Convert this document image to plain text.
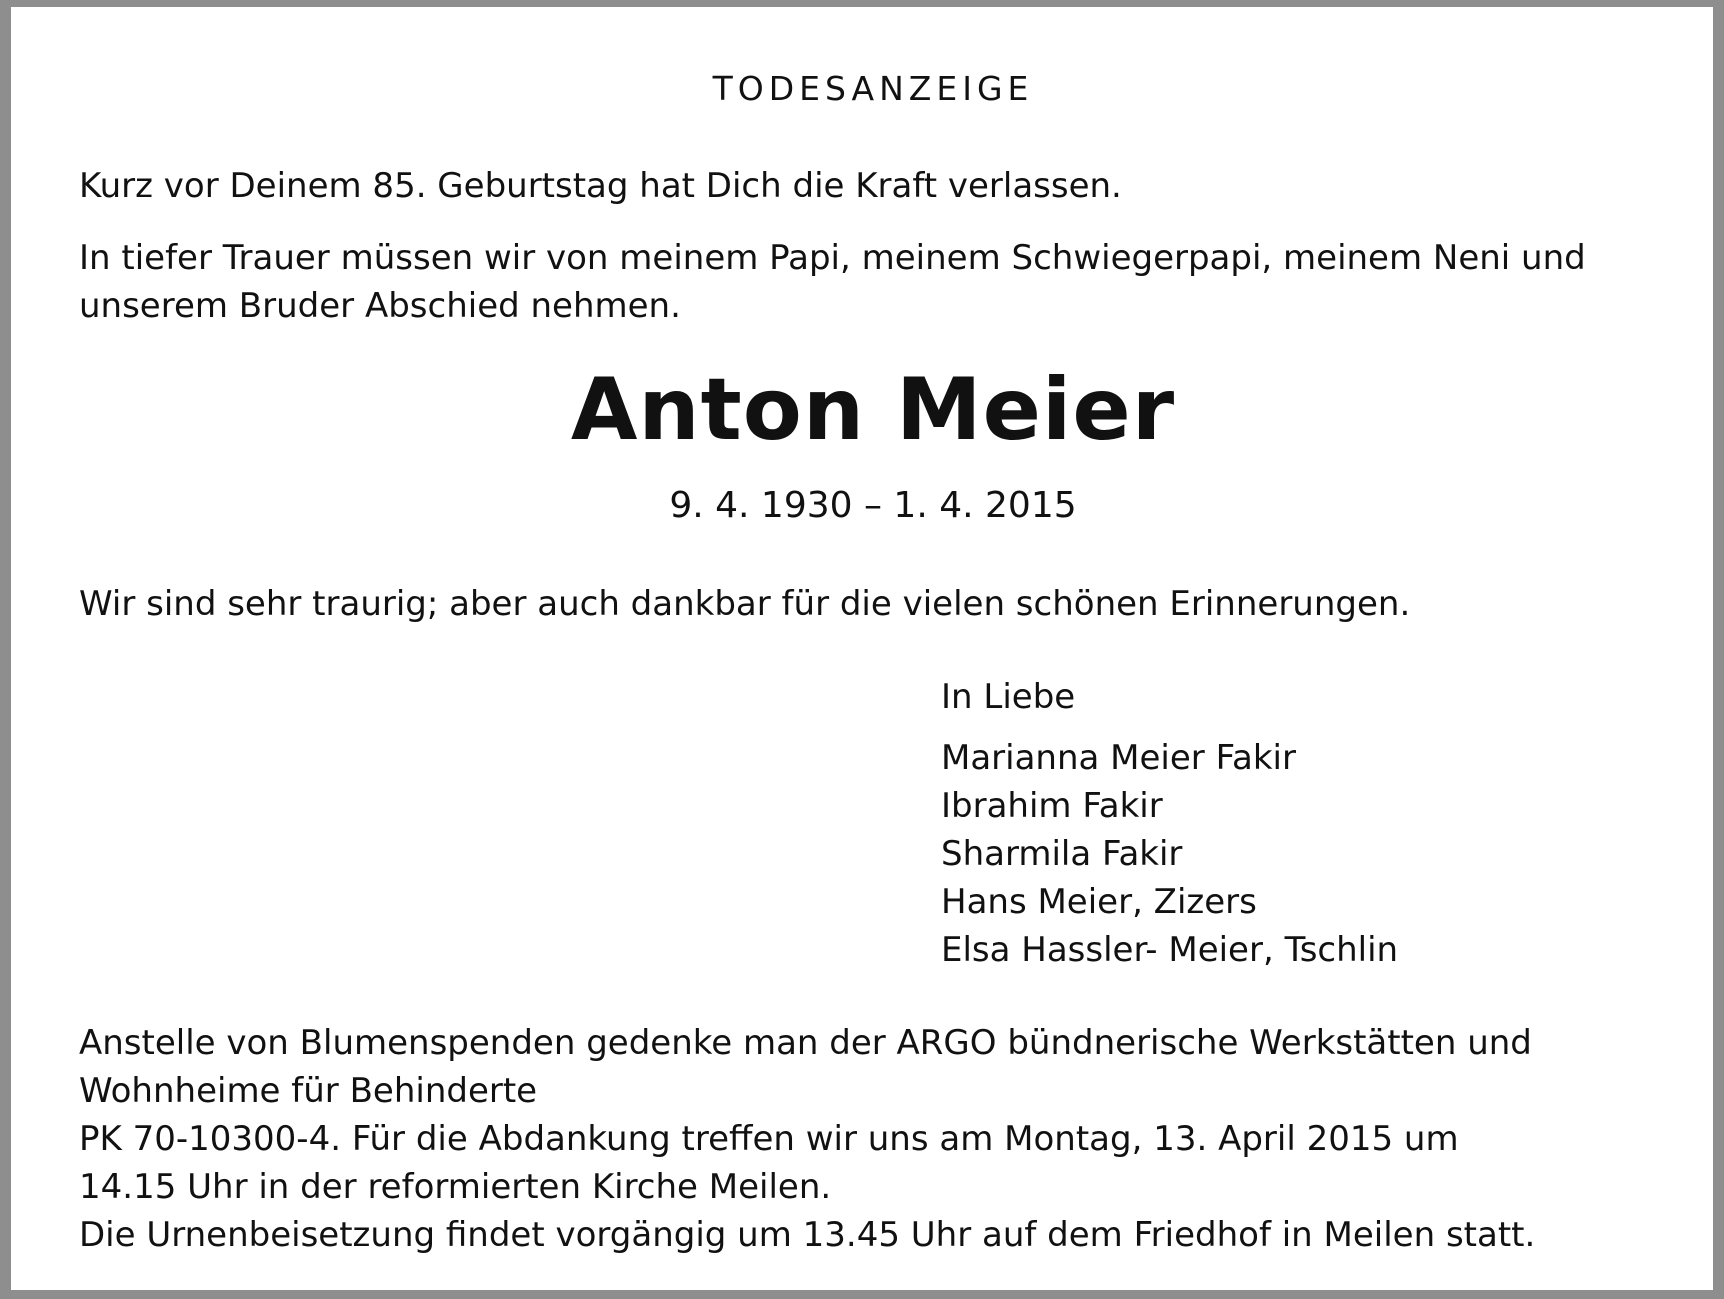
TODESANZEIGE

Kurz vor Deinem 85. Geburtstag hat Dich die Kraft verlassen.

In tiefer Trauer müssen wir von meinem Papi, meinem Schwiegerpapi, meinem Neni und

unserem Bruder Abschied nehmen.

Anton Meier

9. 4. 1930 – 1. 4. 2015

Wir sind sehr traurig; aber auch dankbar für die vielen schönen Erinnerungen.

In Liebe

Marianna Meier Fakir
Ibrahim Fakir
Sharmila Fakir
Hans Meier, Zizers
Elsa Hassler- Meier, Tschlin

Anstelle von Blumenspenden gedenke man der ARGO bündnerische Werkstätten und

Wohnheime für Behinderte

PK 70-10300-4. Für die Abdankung treffen wir uns am Montag, 13. April 2015 um

14.15 Uhr in der reformierten Kirche Meilen.

Die Urnenbeisetzung findet vorgängig um 13.45 Uhr auf dem Friedhof in Meilen statt.
